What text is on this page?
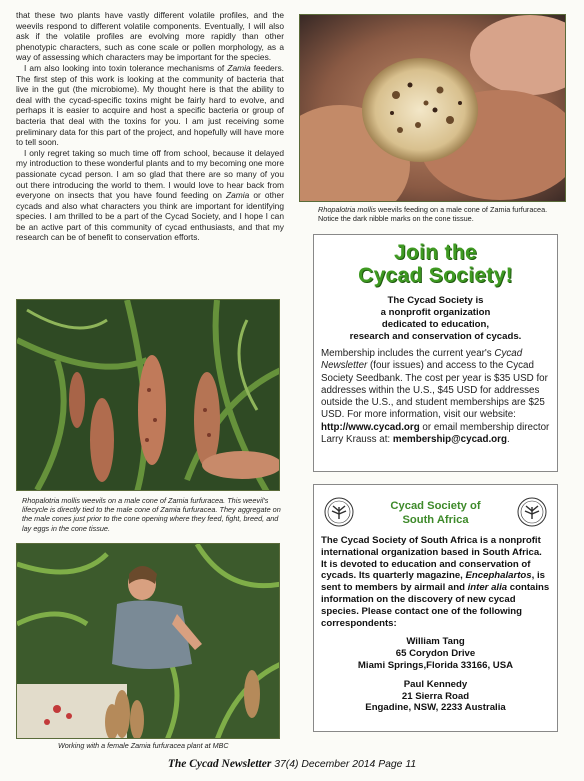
that these two plants have vastly different volatile profiles, and the weevils respond to different volatile components. Eventually, I will also ask if the volatile profiles are evolving more rapidly than other phenotypic characters, such as cone scale or pollen morphology, as a way of assessing which characters may be important for the species.

I am also looking into toxin tolerance mechanisms of Zamia feeders. The first step of this work is looking at the community of bacteria that live in the gut (the microbiome). My thought here is that the ability to deal with the cycad-specific toxins might be fairly hard to evolve, and perhaps it is easier to acquire and host a specific bacteria or group of bacteria that deal with the toxins for you. I am just receiving some preliminary data for this part of the project, and hopefully will have more to tell soon.

I only regret taking so much time off from school, because it delayed my introduction to these wonderful plants and to my becoming one more passionate cycad person. I am so glad that there are so many of you out there introducing the world to them. I would love to hear back from everyone on insects that you have found feeding on Zamia or other cycads and also what characters you think are important for identifying species. I am thrilled to be a part of the Cycad Society, and I hope I can be an active part of this community of cycad enthusiasts, and that my research can be of benefit to conservation efforts.

Rhopalotria mollis weevils feeding on a male cone of Zamia furfuracea. Notice the dark nibble marks on the cone tissue.
Rhopalotria mollis weevils on a male cone of Zamia furfuracea. This weevil's lifecycle is directly tied to the male cone of Zamia furfuracea. They aggregate on the male cones just prior to the cone opening where they feed, fight, breed, and lay eggs in the cone tissue.
Working with a female Zamia furfuracea plant at MBC
Join the
Cycad Society!
The Cycad Society is
a nonprofit organization
dedicated to education,
research and conservation of cycads.
Membership includes the current year's Cycad Newsletter (four issues) and access to the Cycad Society Seedbank. The cost per year is $35 USD for addresses within the U.S., $45 USD for addresses outside the U.S., and student memberships are $25 USD. For more information, visit our website: http://www.cycad.org or email membership director Larry Krauss at: membership@cycad.org.
Cycad Society of
South Africa
The Cycad Society of South Africa is a nonprofit international organization based in South Africa. It is devoted to education and conservation of cycads. Its quarterly magazine, Encephalartos, is sent to members by airmail and inter alia contains information on the discovery of new cycad species. Please contact one of the following correspondents:
William Tang
65 Corydon Drive
Miami Springs,Florida 33166, USA
Paul Kennedy
21 Sierra Road
Engadine, NSW, 2233 Australia
The Cycad Newsletter 37(4) December 2014 Page 11
